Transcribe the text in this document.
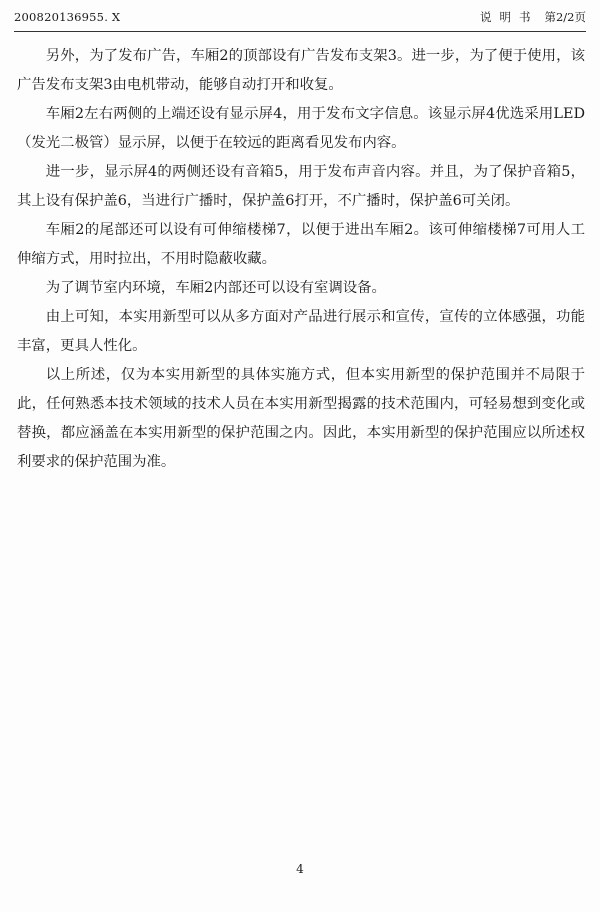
200820136955. X	说明书 第2/2页

另外，为了发布广告，车厢2的顶部设有广告发布支架3。进一步，为了便于使用，该广告发布支架3由电机带动，能够自动打开和收复。

车厢2左右两侧的上端还设有显示屏4，用于发布文字信息。该显示屏4优选采用LED（发光二极管）显示屏，以便于在较远的距离看见发布内容。

进一步，显示屏4的两侧还设有音箱5，用于发布声音内容。并且，为了保护音箱5，其上设有保护盖6，当进行广播时，保护盖6打开，不广播时，保护盖6可关闭。

车厢2的尾部还可以设有可伸缩楼梯7，以便于进出车厢2。该可伸缩楼梯7可用人工伸缩方式，用时拉出，不用时隐蔽收藏。

为了调节室内环境，车厢2内部还可以设有室调设备。

由上可知，本实用新型可以从多方面对产品进行展示和宣传，宣传的立体感强，功能丰富，更具人性化。

以上所述，仅为本实用新型的具体实施方式，但本实用新型的保护范围并不局限于此，任何熟悉本技术领域的技术人员在本实用新型揭露的技术范围内，可轻易想到变化或替换，都应涵盖在本实用新型的保护范围之内。因此，本实用新型的保护范围应以所述权利要求的保护范围为准。

4
